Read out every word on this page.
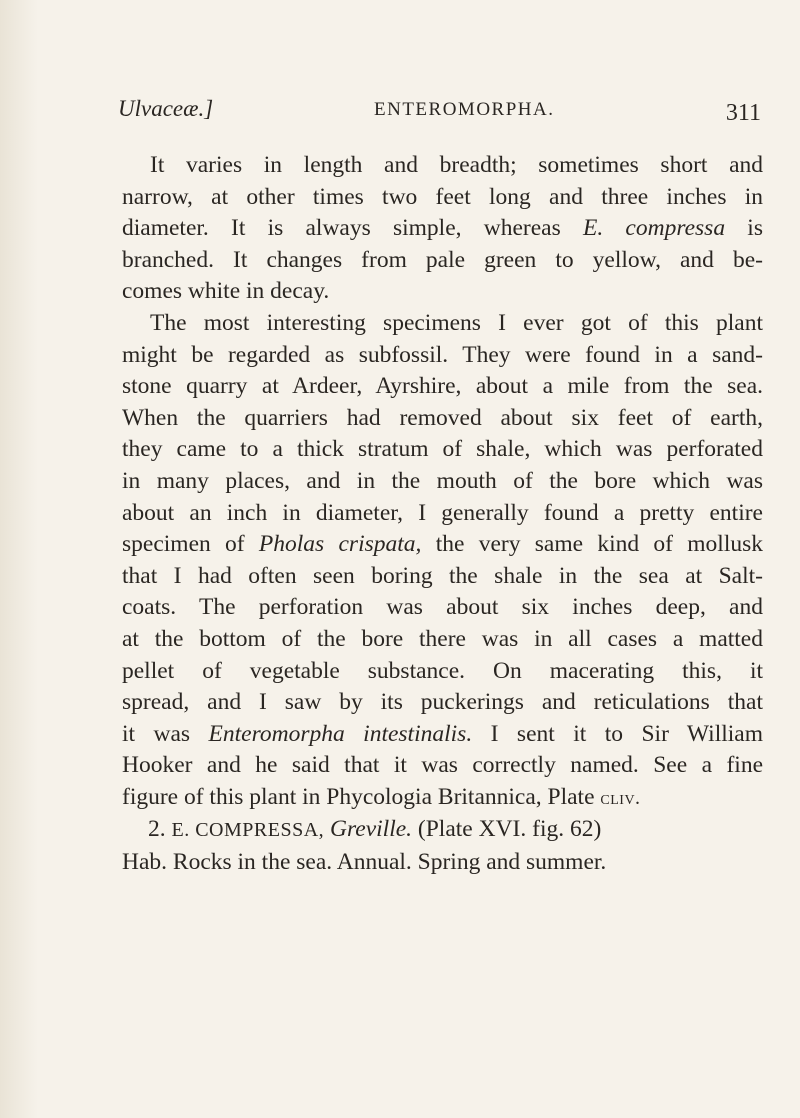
Ulvaceæ.]	ENTEROMORPHA.	311
It varies in length and breadth; sometimes short and
narrow, at other times two feet long and three inches in
diameter. It is always simple, whereas E. compressa is
branched. It changes from pale green to yellow, and be-
comes white in decay.
The most interesting specimens I ever got of this plant
might be regarded as subfossil. They were found in a sand-
stone quarry at Ardeer, Ayrshire, about a mile from the sea.
When the quarriers had removed about six feet of earth,
they came to a thick stratum of shale, which was perforated
in many places, and in the mouth of the bore which was
about an inch in diameter, I generally found a pretty entire
specimen of Pholas crispata, the very same kind of mollusk
that I had often seen boring the shale in the sea at Salt-
coats. The perforation was about six inches deep, and
at the bottom of the bore there was in all cases a matted
pellet of vegetable substance. On macerating this, it
spread, and I saw by its puckerings and reticulations that
it was Enteromorpha intestinalis. I sent it to Sir William
Hooker and he said that it was correctly named. See a fine
figure of this plant in Phycologia Britannica, Plate cliv.
2. E. COMPRESSA, Greville. (Plate XVI. fig. 62)
Hab. Rocks in the sea. Annual. Spring and summer.
